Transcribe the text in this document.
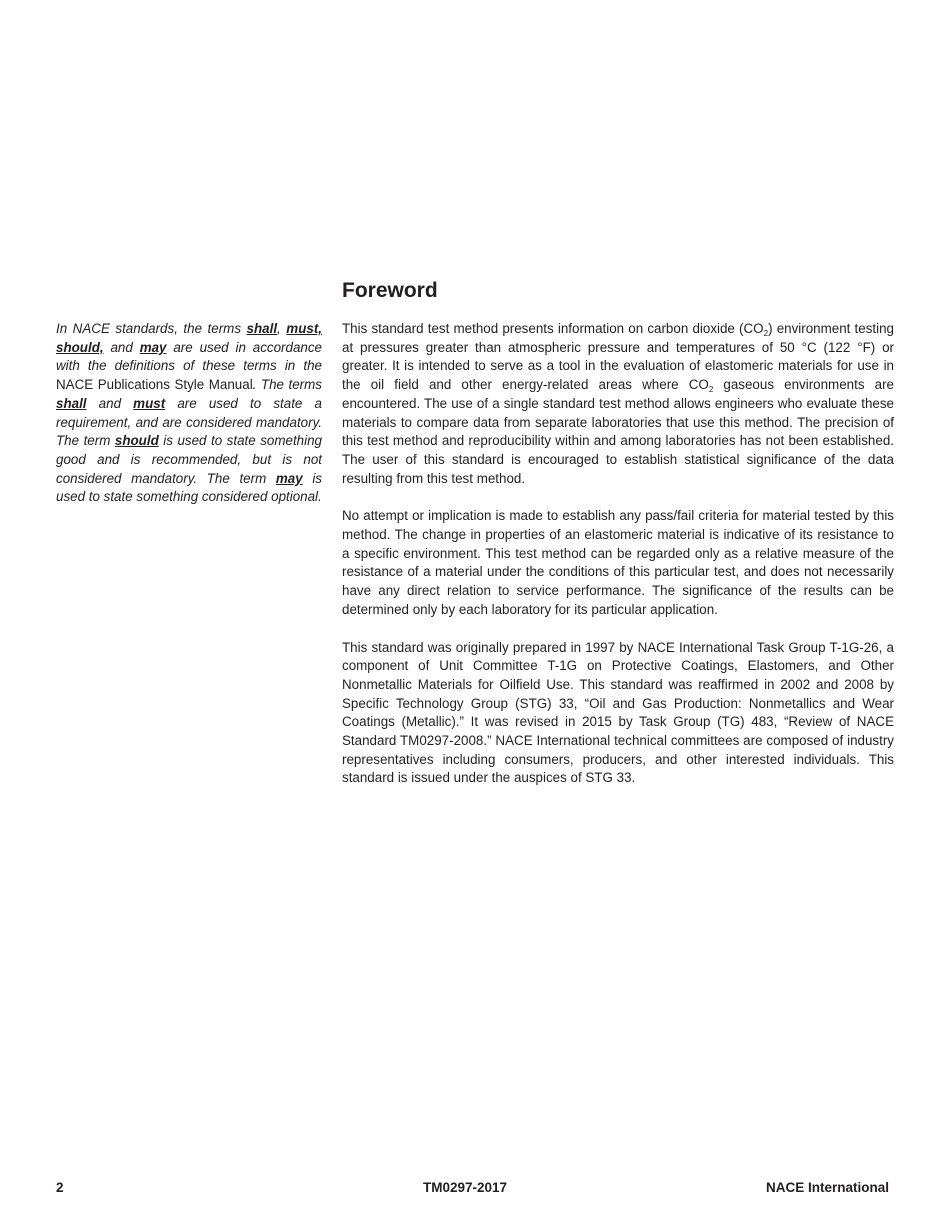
In NACE standards, the terms shall, must, should, and may are used in accordance with the definitions of these terms in the NACE Publications Style Manual. The terms shall and must are used to state a requirement, and are considered mandatory. The term should is used to state something good and is recommended, but is not considered mandatory. The term may is used to state something considered optional.

Foreword

This standard test method presents information on carbon dioxide $(CO_2)$ environment testing at pressures greater than atmospheric pressure and temperatures of 50 °C (122 °F) or greater. It is intended to serve as a tool in the evaluation of elastomeric materials for use in the oil field and other energy-related areas where $CO_2$ gaseous environments are encountered. The use of a single standard test method allows engineers who evaluate these materials to compare data from separate laboratories that use this method. The precision of this test method and reproducibility within and among laboratories has not been established. The user of this standard is encouraged to establish statistical significance of the data resulting from this test method.

No attempt or implication is made to establish any pass/fail criteria for material tested by this method. The change in properties of an elastomeric material is indicative of its resistance to a specific environment. This test method can be regarded only as a relative measure of the resistance of a material under the conditions of this particular test, and does not necessarily have any direct relation to service performance. The significance of the results can be determined only by each laboratory for its particular application.

This standard was originally prepared in 1997 by NACE International Task Group T-1G-26, a component of Unit Committee T-1G on Protective Coatings, Elastomers, and Other Nonmetallic Materials for Oilfield Use. This standard was reaffirmed in 2002 and 2008 by Specific Technology Group (STG) 33, “Oil and Gas Production: Nonmetallics and Wear Coatings (Metallic).” It was revised in 2015 by Task Group (TG) 483, “Review of NACE Standard TM0297-2008.” NACE International technical committees are composed of industry representatives including consumers, producers, and other interested individuals. This standard is issued under the auspices of STG 33.

2	TM0297-2017	NACE International
